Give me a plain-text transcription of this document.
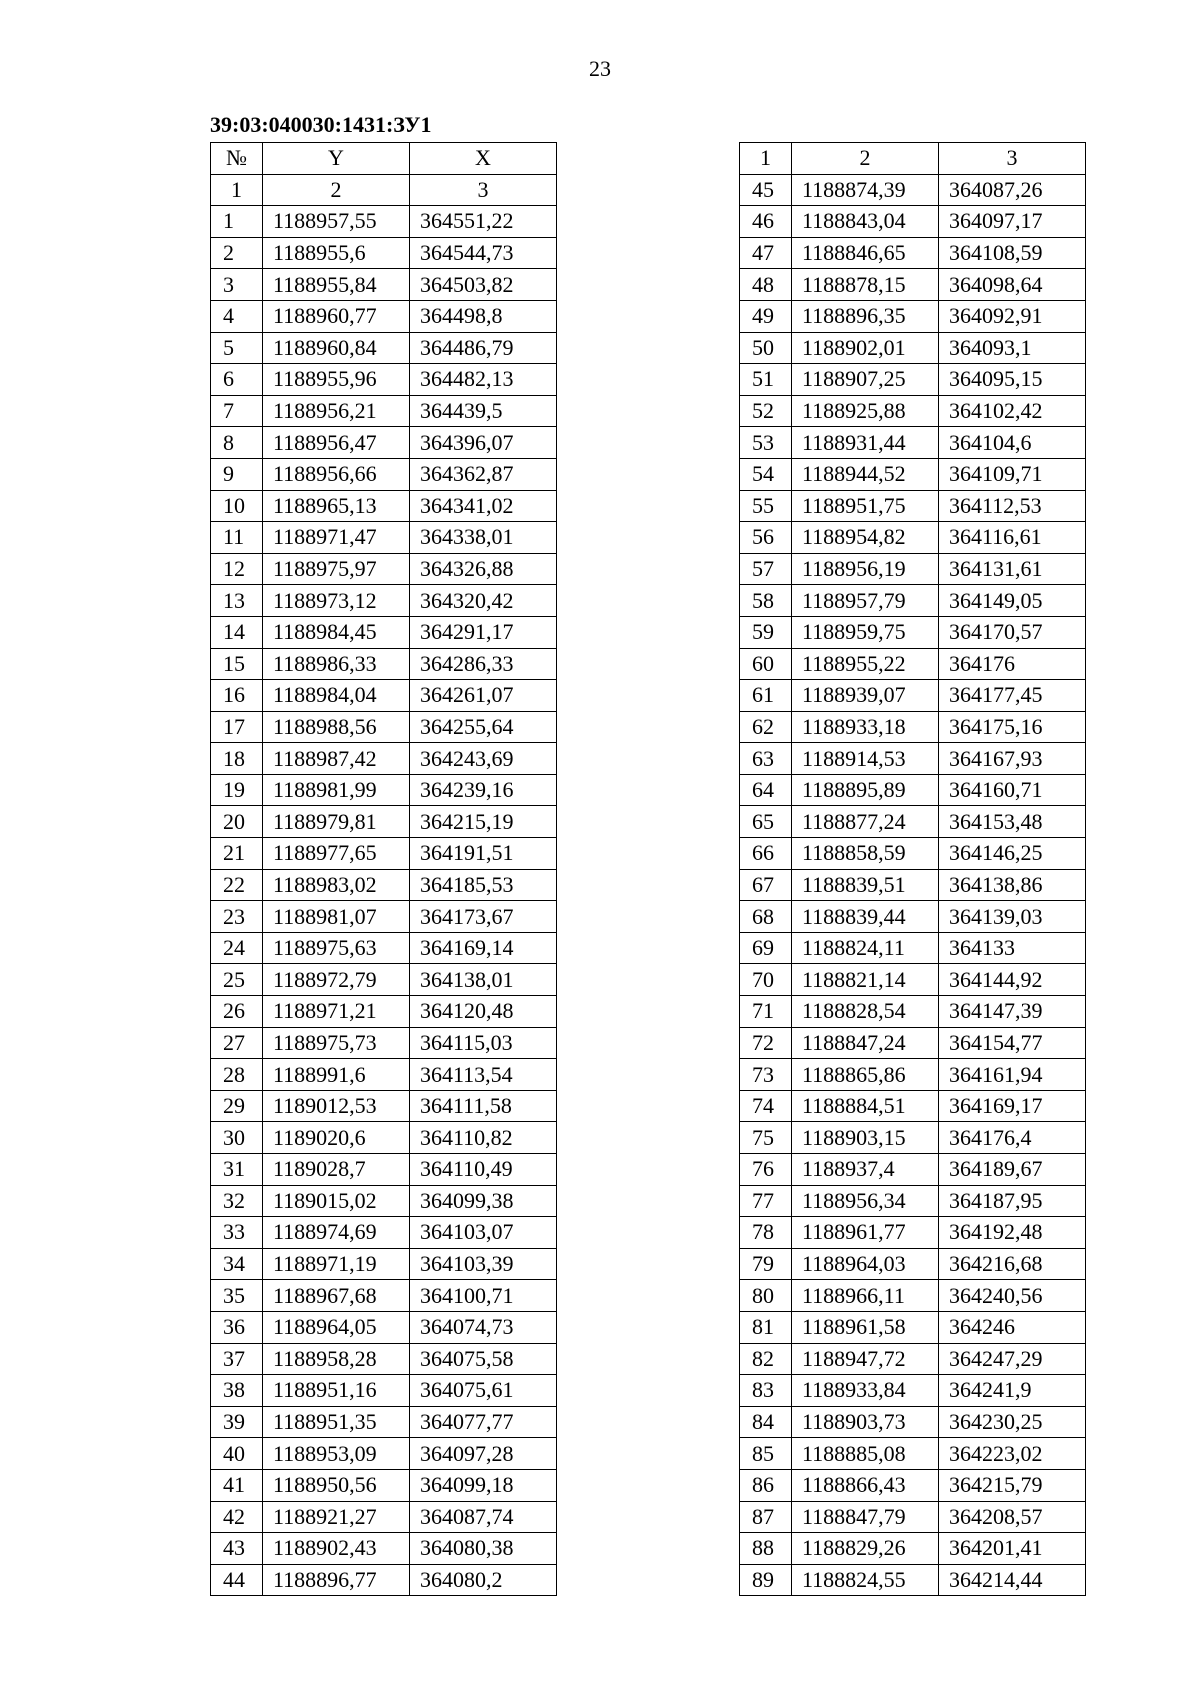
23
39:03:040030:1431:ЗУ1
№	Y	X
1	2	3
1	1188957,55	364551,22
2	1188955,6	364544,73
3	1188955,84	364503,82
4	1188960,77	364498,8
5	1188960,84	364486,79
6	1188955,96	364482,13
7	1188956,21	364439,5
8	1188956,47	364396,07
9	1188956,66	364362,87
10	1188965,13	364341,02
11	1188971,47	364338,01
12	1188975,97	364326,88
13	1188973,12	364320,42
14	1188984,45	364291,17
15	1188986,33	364286,33
16	1188984,04	364261,07
17	1188988,56	364255,64
18	1188987,42	364243,69
19	1188981,99	364239,16
20	1188979,81	364215,19
21	1188977,65	364191,51
22	1188983,02	364185,53
23	1188981,07	364173,67
24	1188975,63	364169,14
25	1188972,79	364138,01
26	1188971,21	364120,48
27	1188975,73	364115,03
28	1188991,6	364113,54
29	1189012,53	364111,58
30	1189020,6	364110,82
31	1189028,7	364110,49
32	1189015,02	364099,38
33	1188974,69	364103,07
34	1188971,19	364103,39
35	1188967,68	364100,71
36	1188964,05	364074,73
37	1188958,28	364075,58
38	1188951,16	364075,61
39	1188951,35	364077,77
40	1188953,09	364097,28
41	1188950,56	364099,18
42	1188921,27	364087,74
43	1188902,43	364080,38
44	1188896,77	364080,2
1	2	3
45	1188874,39	364087,26
46	1188843,04	364097,17
47	1188846,65	364108,59
48	1188878,15	364098,64
49	1188896,35	364092,91
50	1188902,01	364093,1
51	1188907,25	364095,15
52	1188925,88	364102,42
53	1188931,44	364104,6
54	1188944,52	364109,71
55	1188951,75	364112,53
56	1188954,82	364116,61
57	1188956,19	364131,61
58	1188957,79	364149,05
59	1188959,75	364170,57
60	1188955,22	364176
61	1188939,07	364177,45
62	1188933,18	364175,16
63	1188914,53	364167,93
64	1188895,89	364160,71
65	1188877,24	364153,48
66	1188858,59	364146,25
67	1188839,51	364138,86
68	1188839,44	364139,03
69	1188824,11	364133
70	1188821,14	364144,92
71	1188828,54	364147,39
72	1188847,24	364154,77
73	1188865,86	364161,94
74	1188884,51	364169,17
75	1188903,15	364176,4
76	1188937,4	364189,67
77	1188956,34	364187,95
78	1188961,77	364192,48
79	1188964,03	364216,68
80	1188966,11	364240,56
81	1188961,58	364246
82	1188947,72	364247,29
83	1188933,84	364241,9
84	1188903,73	364230,25
85	1188885,08	364223,02
86	1188866,43	364215,79
87	1188847,79	364208,57
88	1188829,26	364201,41
89	1188824,55	364214,44
